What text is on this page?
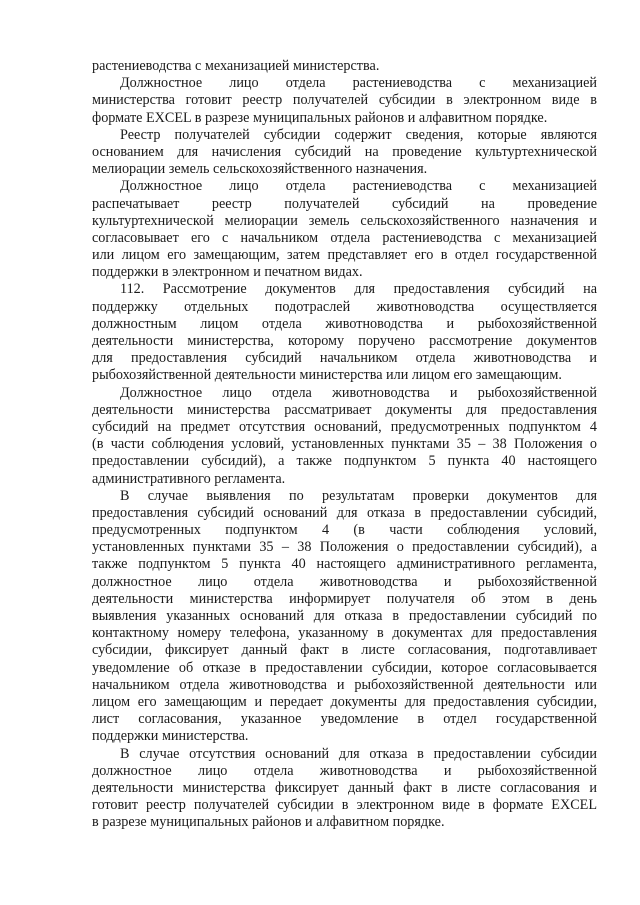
растениеводства с механизацией министерства.
Должностное лицо отдела растениеводства с механизацией
министерства готовит реестр получателей субсидии в электронном виде в
формате EXCEL в разрезе муниципальных районов и алфавитном порядке.
Реестр получателей субсидии содержит сведения, которые являются
основанием для начисления субсидий на проведение культуртехнической
мелиорации земель сельскохозяйственного назначения.
Должностное лицо отдела растениеводства с механизацией
распечатывает реестр получателей субсидий на проведение
культуртехнической мелиорации земель сельскохозяйственного назначения и
согласовывает его с начальником отдела растениеводства с механизацией
или лицом его замещающим, затем представляет его в отдел государственной
поддержки в электронном и печатном видах.
112. Рассмотрение документов для предоставления субсидий на
поддержку отдельных подотраслей животноводства осуществляется
должностным лицом отдела животноводства и рыбохозяйственной
деятельности министерства, которому поручено рассмотрение документов
для предоставления субсидий начальником отдела животноводства и
рыбохозяйственной деятельности министерства или лицом его замещающим.
Должностное лицо отдела животноводства и рыбохозяйственной
деятельности министерства рассматривает документы для предоставления
субсидий на предмет отсутствия оснований, предусмотренных подпунктом 4
(в части соблюдения условий, установленных пунктами 35 – 38 Положения о
предоставлении субсидий), а также подпунктом 5 пункта 40 настоящего
административного регламента.
В случае выявления по результатам проверки документов для
предоставления субсидий оснований для отказа в предоставлении субсидий,
предусмотренных подпунктом 4 (в части соблюдения условий,
установленных пунктами 35 – 38 Положения о предоставлении субсидий), а
также подпунктом 5 пункта 40 настоящего административного регламента,
должностное лицо отдела животноводства и рыбохозяйственной
деятельности министерства информирует получателя об этом в день
выявления указанных оснований для отказа в предоставлении субсидий по
контактному номеру телефона, указанному в документах для предоставления
субсидии, фиксирует данный факт в листе согласования, подготавливает
уведомление об отказе в предоставлении субсидии, которое согласовывается
начальником отдела животноводства и рыбохозяйственной деятельности или
лицом его замещающим и передает документы для предоставления субсидии,
лист согласования, указанное уведомление в отдел государственной
поддержки министерства.
В случае отсутствия оснований для отказа в предоставлении субсидии
должностное лицо отдела животноводства и рыбохозяйственной
деятельности министерства фиксирует данный факт в листе согласования и
готовит реестр получателей субсидии в электронном виде в формате EXCEL
в разрезе муниципальных районов и алфавитном порядке.
